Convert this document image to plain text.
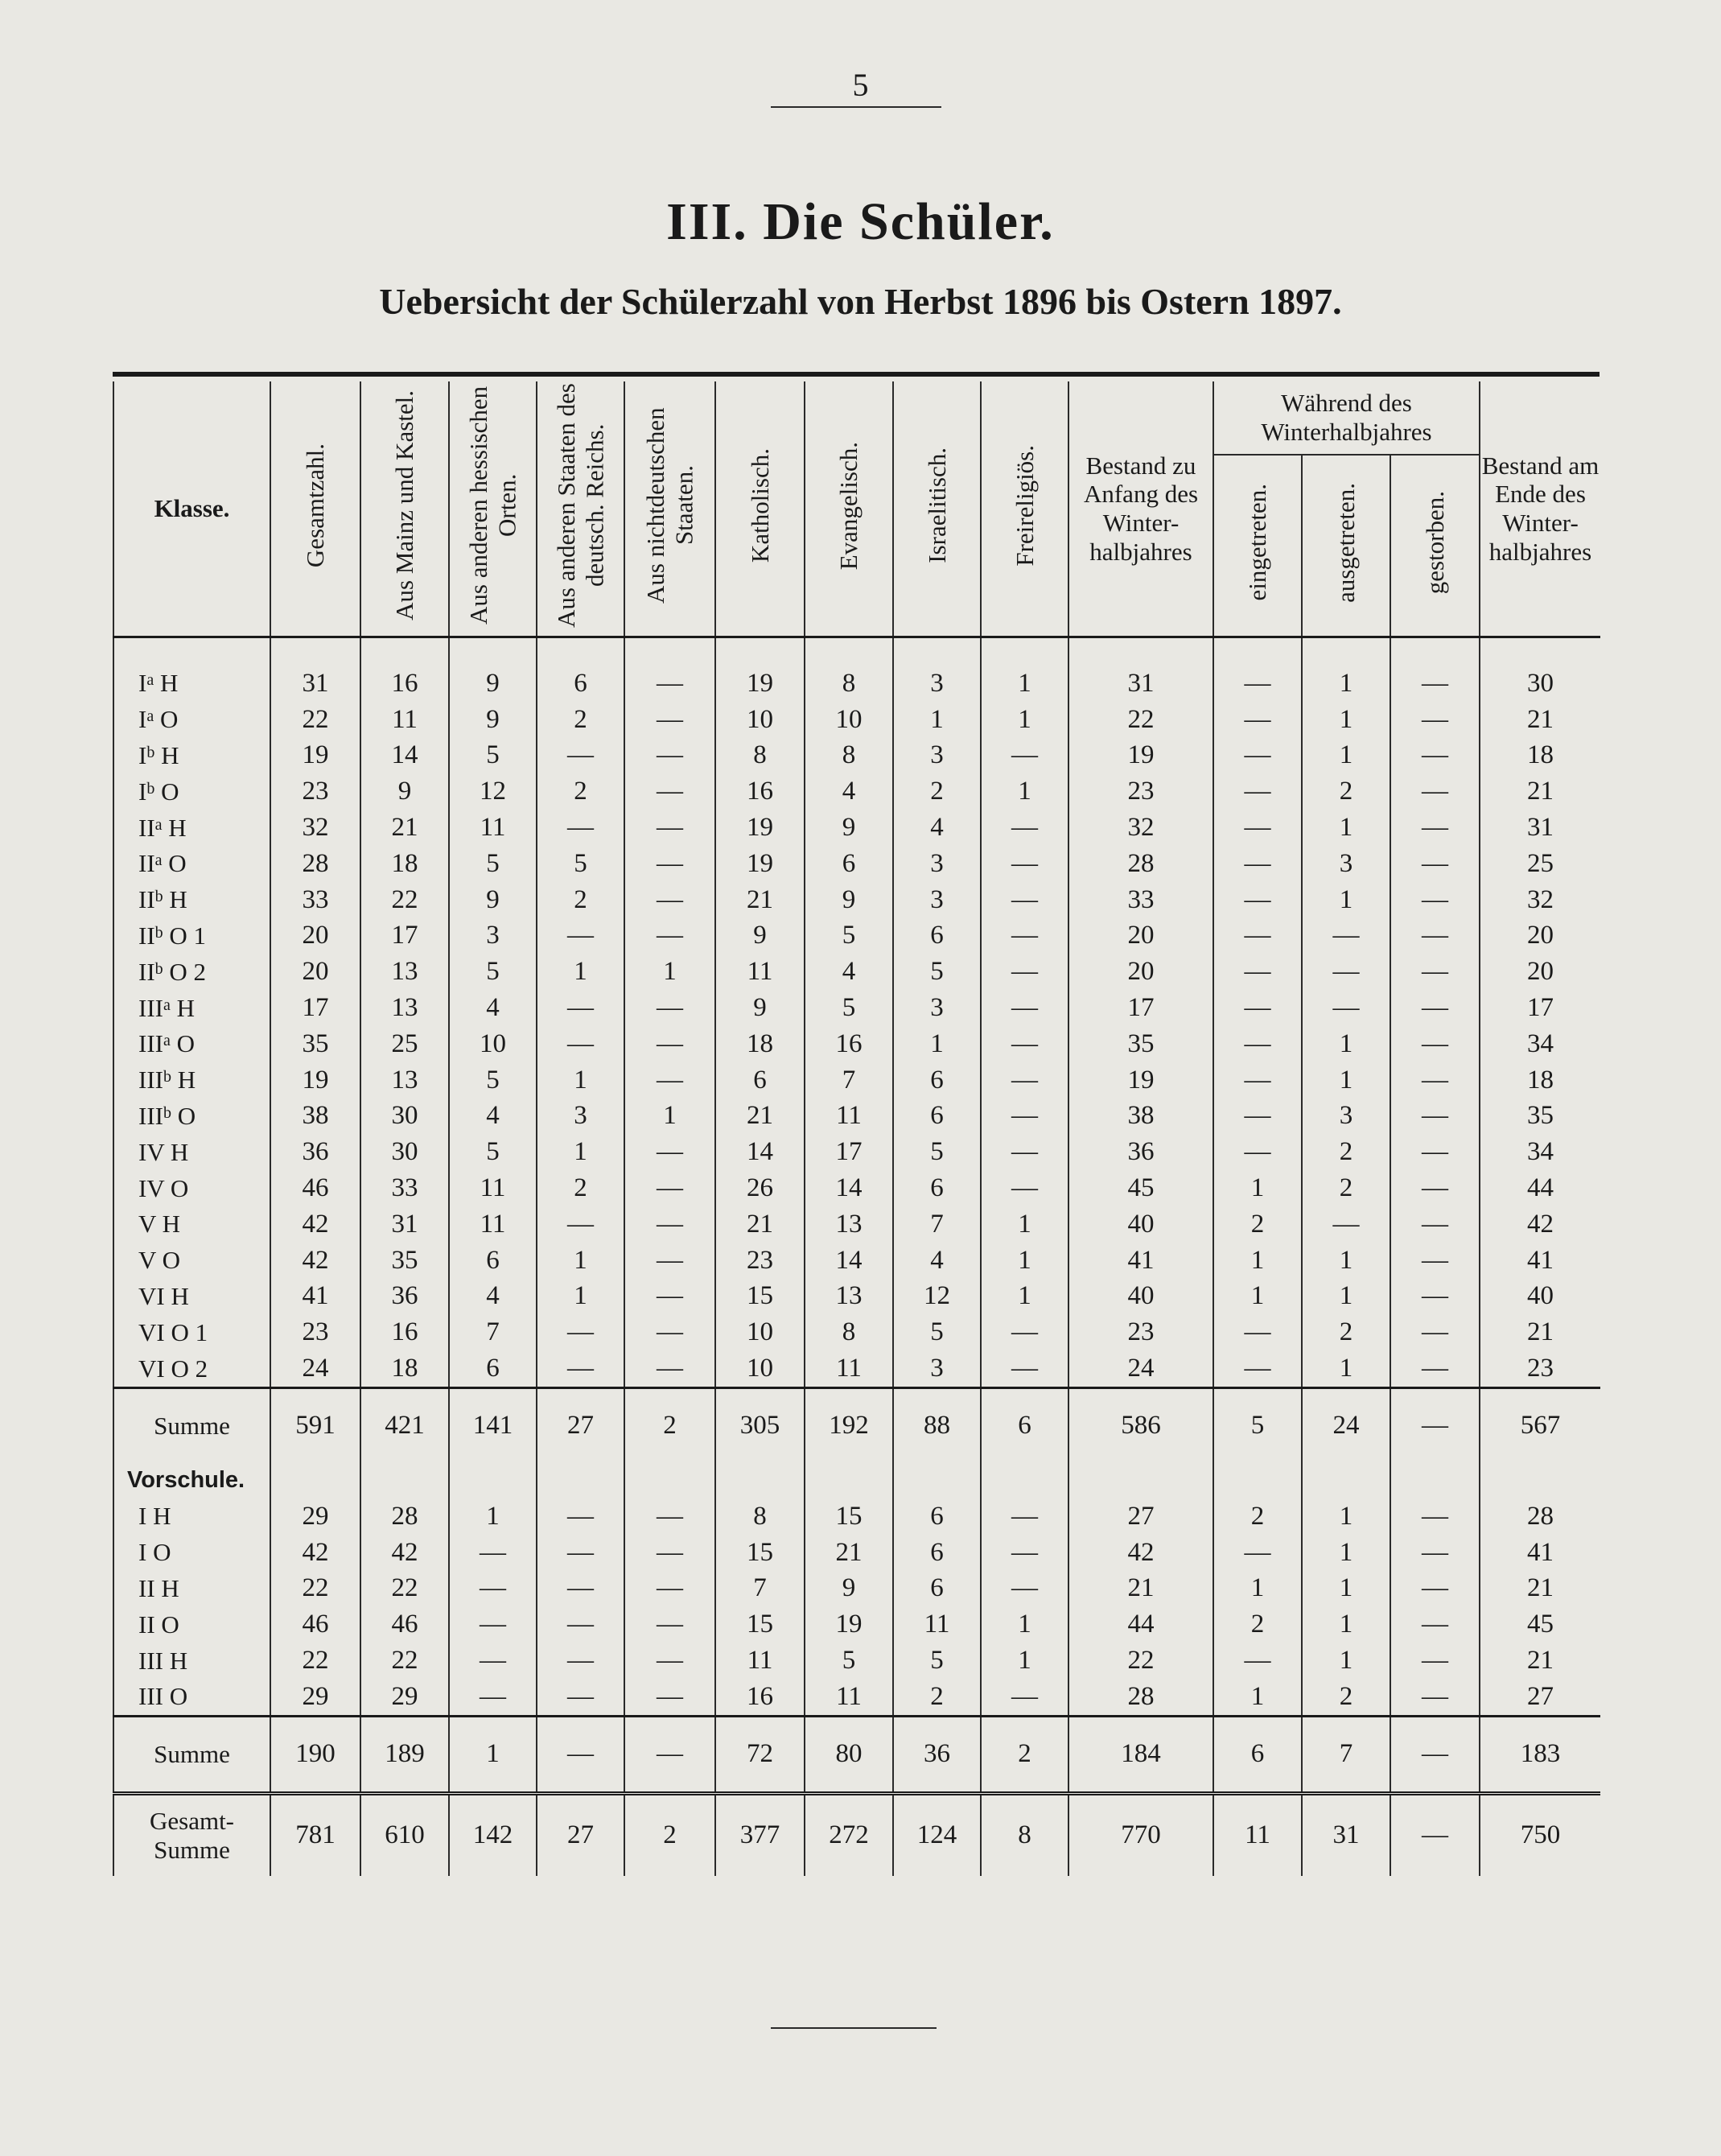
5
III. Die Schüler.
Uebersicht der Schülerzahl von Herbst 1896 bis Ostern 1897.
Klasse.	Gesamtzahl.	Aus Mainz und Kastel.	Aus anderen hessischen Orten.	Aus anderen Staaten des deutsch. Reichs.	Aus nichtdeutschen Staaten.	Katholisch.	Evangelisch.	Israelitisch.	Freireligiös.	Bestand zu Anfang des Winter-halbjahres	Während des Winterhalbjahres			Bestand am Ende des Winter-halbjahres
											eingetreten.	ausgetreten.	gestorben.	

$I^a$ H	31	16	9	6	—	19	8	3	1	31	—	1	—	30
$I^a$ O	22	11	9	2	—	10	10	1	1	22	—	1	—	21
$I^b$ H	19	14	5	—	—	8	8	3	—	19	—	1	—	18
$I^b$ O	23	9	12	2	—	16	4	2	1	23	—	2	—	21
$II^a$ H	32	21	11	—	—	19	9	4	—	32	—	1	—	31
$II^a$ O	28	18	5	5	—	19	6	3	—	28	—	3	—	25
$II^b$ H	33	22	9	2	—	21	9	3	—	33	—	1	—	32
$II^b$ O 1	20	17	3	—	—	9	5	6	—	20	—	—	—	20
$II^b$ O 2	20	13	5	1	1	11	4	5	—	20	—	—	—	20
III$^a$ H	17	13	4	—	—	9	5	3	—	17	—	—	—	17
III$^a$ O	35	25	10	—	—	18	16	1	—	35	—	1	—	34
III$^b$ H	19	13	5	1	—	6	7	6	—	19	—	1	—	18
III$^b$ O	38	30	4	3	1	21	11	6	—	38	—	3	—	35
IV H	36	30	5	1	—	14	17	5	—	36	—	2	—	34
IV O	46	33	11	2	—	26	14	6	—	45	1	2	—	44
V H	42	31	11	—	—	21	13	7	1	40	2	—	—	42
V O	42	35	6	1	—	23	14	4	1	41	1	1	—	41
VI H	41	36	4	1	—	15	13	12	1	40	1	1	—	40
VI O 1	23	16	7	—	—	10	8	5	—	23	—	2	—	21
VI O 2	24	18	6	—	—	10	11	3	—	24	—	1	—	23
Summe	591	421	141	27	2	305	192	88	6	586	5	24	—	567
Vorschule.														
I H	29	28	1	—	—	8	15	6	—	27	2	1	—	28
I O	42	42	—	—	—	15	21	6	—	42	—	1	—	41
II H	22	22	—	—	—	7	9	6	—	21	1	1	—	21
II O	46	46	—	—	—	15	19	11	1	44	2	1	—	45
III H	22	22	—	—	—	11	5	5	1	22	—	1	—	21
III O	29	29	—	—	—	16	11	2	—	28	1	2	—	27
Summe	190	189	1	—	—	72	80	36	2	184	6	7	—	183

Gesamt-
Summe	781	610	142	27	2	377	272	124	8	770	11	31	—	750
